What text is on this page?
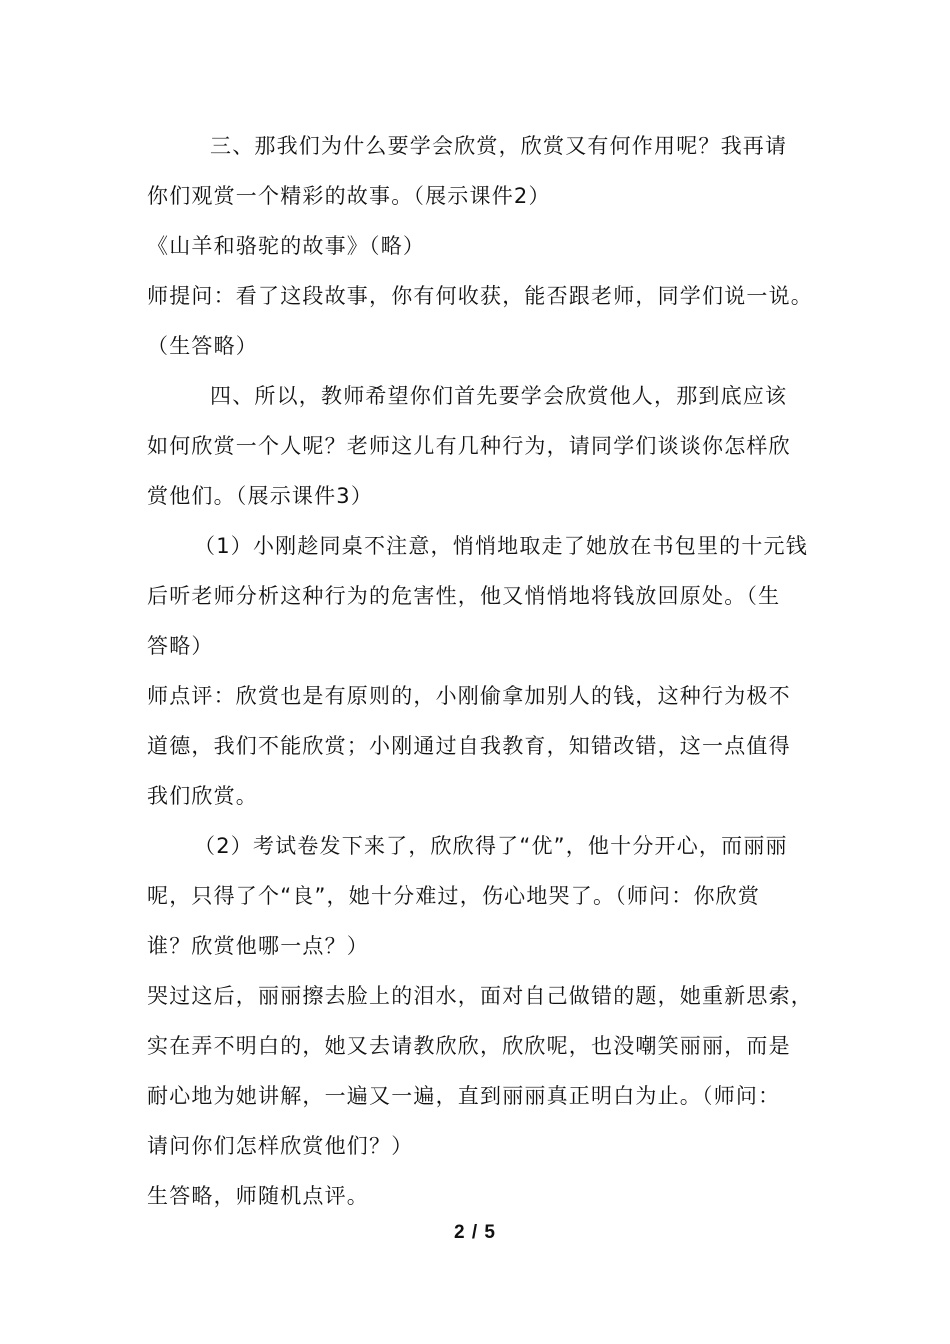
三、那我们为什么要学会欣赏，欣赏又有何作用呢？我再请
你们观赏一个精彩的故事。（展示课件2）
《山羊和骆驼的故事》（略）
师提问：看了这段故事，你有何收获，能否跟老师，同学们说一说。
（生答略）
四、所以，教师希望你们首先要学会欣赏他人，那到底应该
如何欣赏一个人呢？老师这儿有几种行为，请同学们谈谈你怎样欣
赏他们。（展示课件3）
（1）小刚趁同桌不注意，悄悄地取走了她放在书包里的十元钱
后听老师分析这种行为的危害性，他又悄悄地将钱放回原处。（生
答略）
师点评：欣赏也是有原则的，小刚偷拿加别人的钱，这种行为极不
道德，我们不能欣赏；小刚通过自我教育，知错改错，这一点值得
我们欣赏。
（2）考试卷发下来了，欣欣得了“优”，他十分开心，而丽丽
呢，只得了个“良”，她十分难过，伤心地哭了。（师问：你欣赏
谁？欣赏他哪一点？）
哭过这后，丽丽擦去脸上的泪水，面对自己做错的题，她重新思索，
实在弄不明白的，她又去请教欣欣，欣欣呢，也没嘲笑丽丽，而是
耐心地为她讲解，一遍又一遍，直到丽丽真正明白为止。（师问：
请问你们怎样欣赏他们？）
生答略，师随机点评。
2 / 5
